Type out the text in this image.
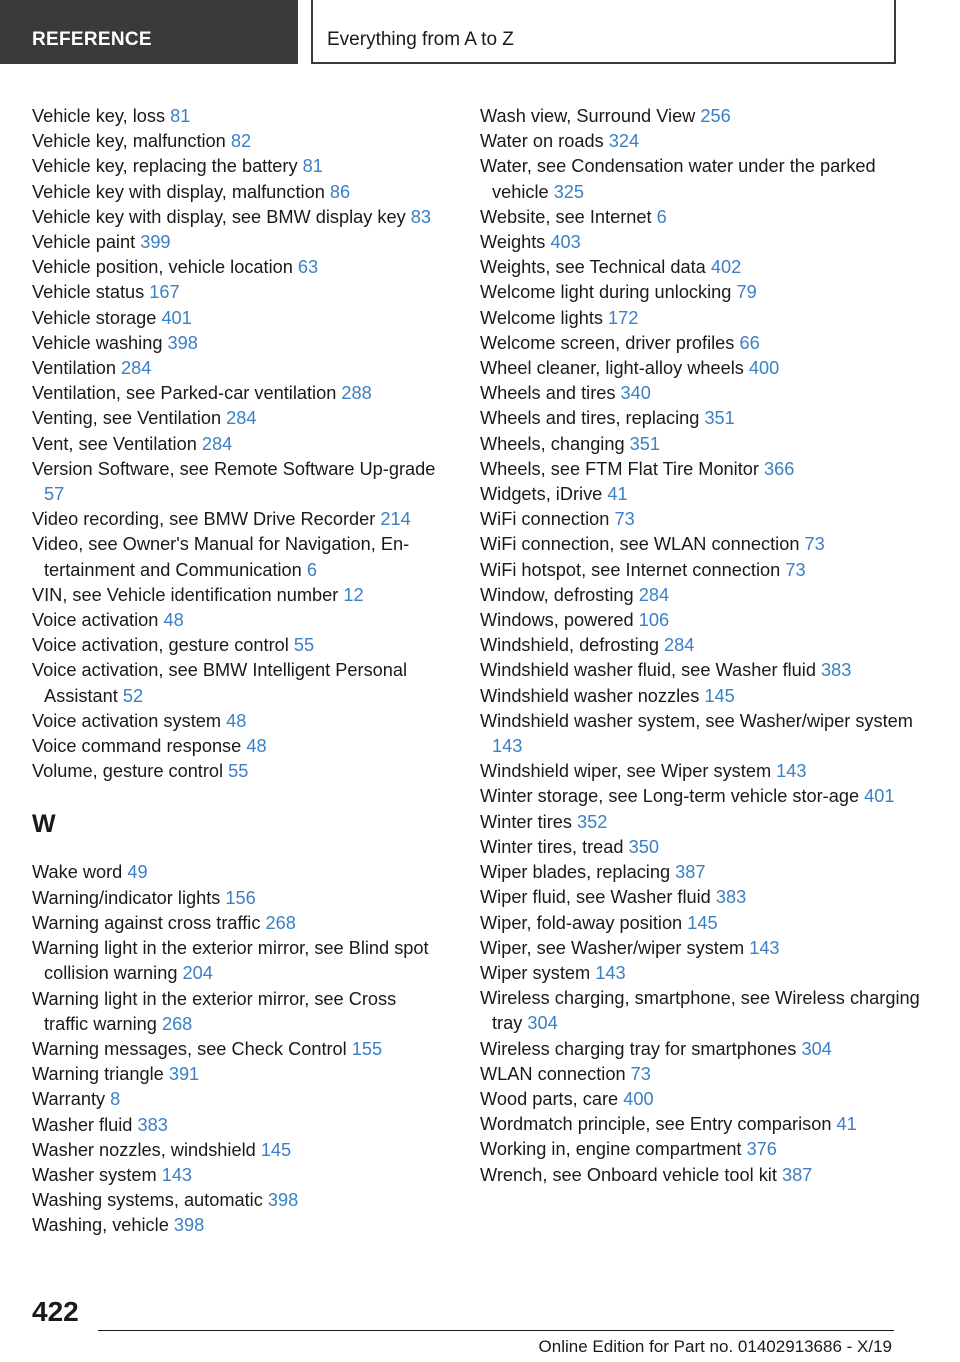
REFERENCE	Everything from A to Z
Vehicle key, loss 81
Vehicle key, malfunction 82
Vehicle key, replacing the battery 81
Vehicle key with display, malfunction 86
Vehicle key with display, see BMW display key 83
Vehicle paint 399
Vehicle position, vehicle location 63
Vehicle status 167
Vehicle storage 401
Vehicle washing 398
Ventilation 284
Ventilation, see Parked-car ventilation 288
Venting, see Ventilation 284
Vent, see Ventilation 284
Version Software, see Remote Software Up-grade 57
Video recording, see BMW Drive Recorder 214
Video, see Owner's Manual for Navigation, En-tertainment and Communication 6
VIN, see Vehicle identification number 12
Voice activation 48
Voice activation, gesture control 55
Voice activation, see BMW Intelligent Personal Assistant 52
Voice activation system 48
Voice command response 48
Volume, gesture control 55
W
Wake word 49
Warning/indicator lights 156
Warning against cross traffic 268
Warning light in the exterior mirror, see Blind spot collision warning 204
Warning light in the exterior mirror, see Cross traffic warning 268
Warning messages, see Check Control 155
Warning triangle 391
Warranty 8
Washer fluid 383
Washer nozzles, windshield 145
Washer system 143
Washing systems, automatic 398
Washing, vehicle 398
Wash view, Surround View 256
Water on roads 324
Water, see Condensation water under the parked vehicle 325
Website, see Internet 6
Weights 403
Weights, see Technical data 402
Welcome light during unlocking 79
Welcome lights 172
Welcome screen, driver profiles 66
Wheel cleaner, light-alloy wheels 400
Wheels and tires 340
Wheels and tires, replacing 351
Wheels, changing 351
Wheels, see FTM Flat Tire Monitor 366
Widgets, iDrive 41
WiFi connection 73
WiFi connection, see WLAN connection 73
WiFi hotspot, see Internet connection 73
Window, defrosting 284
Windows, powered 106
Windshield, defrosting 284
Windshield washer fluid, see Washer fluid 383
Windshield washer nozzles 145
Windshield washer system, see Washer/wiper system 143
Windshield wiper, see Wiper system 143
Winter storage, see Long-term vehicle stor-age 401
Winter tires 352
Winter tires, tread 350
Wiper blades, replacing 387
Wiper fluid, see Washer fluid 383
Wiper, fold-away position 145
Wiper, see Washer/wiper system 143
Wiper system 143
Wireless charging, smartphone, see Wireless charging tray 304
Wireless charging tray for smartphones 304
WLAN connection 73
Wood parts, care 400
Wordmatch principle, see Entry comparison 41
Working in, engine compartment 376
Wrench, see Onboard vehicle tool kit 387
422
Online Edition for Part no. 01402913686 - X/19
